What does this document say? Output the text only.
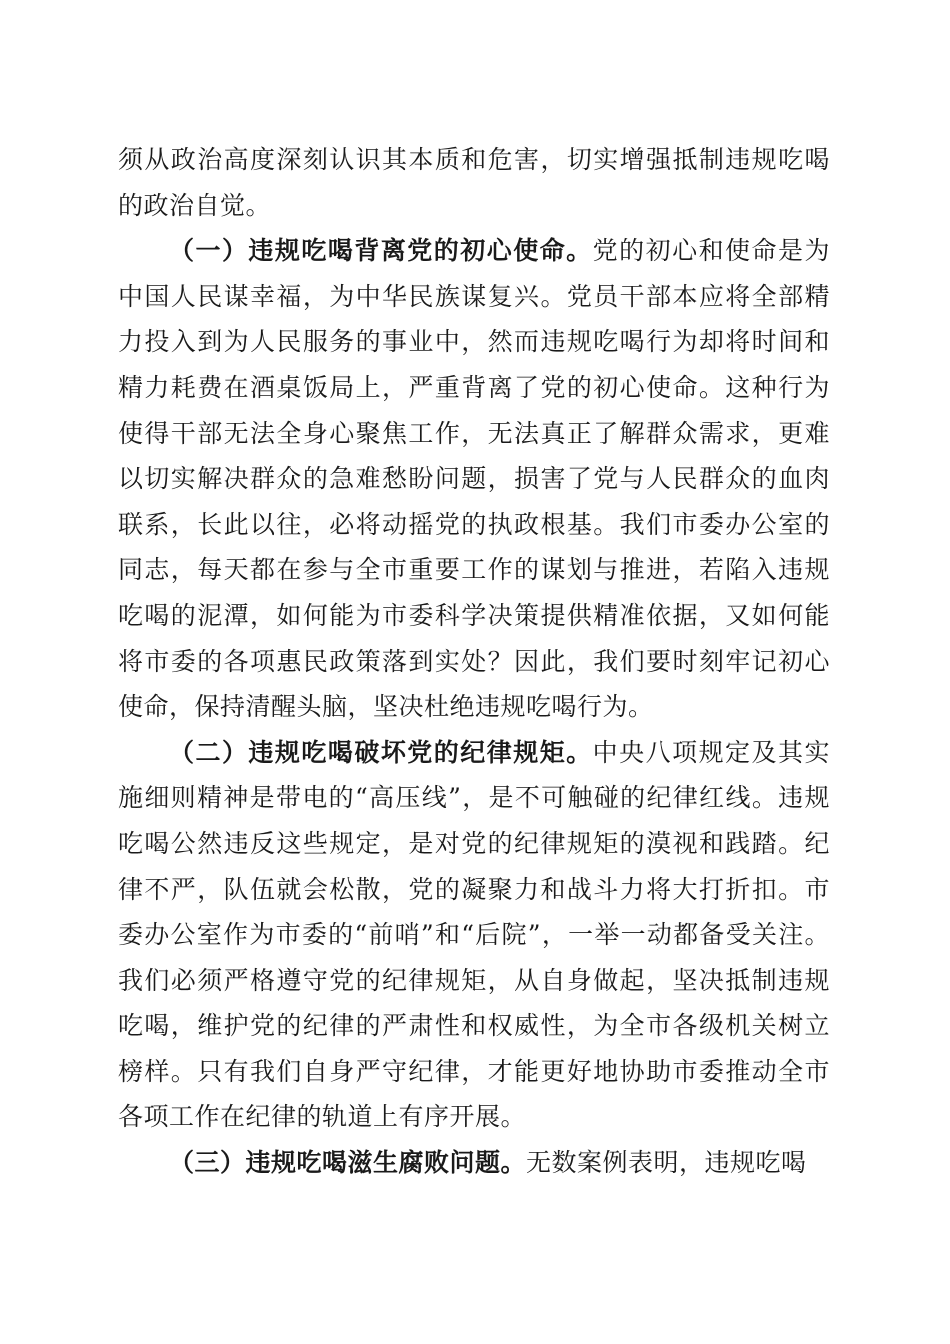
须从政治高度深刻认识其本质和危害，切实增强抵制违规吃喝的政治自觉。

（一）违规吃喝背离党的初心使命。党的初心和使命是为中国人民谋幸福，为中华民族谋复兴。党员干部本应将全部精力投入到为人民服务的事业中，然而违规吃喝行为却将时间和精力耗费在酒桌饭局上，严重背离了党的初心使命。这种行为使得干部无法全身心聚焦工作，无法真正了解群众需求，更难以切实解决群众的急难愁盼问题，损害了党与人民群众的血肉联系，长此以往，必将动摇党的执政根基。我们市委办公室的同志，每天都在参与全市重要工作的谋划与推进，若陷入违规吃喝的泥潭，如何能为市委科学决策提供精准依据，又如何能将市委的各项惠民政策落到实处？因此，我们要时刻牢记初心使命，保持清醒头脑，坚决杜绝违规吃喝行为。

（二）违规吃喝破坏党的纪律规矩。中央八项规定及其实施细则精神是带电的“高压线”，是不可触碰的纪律红线。违规吃喝公然违反这些规定，是对党的纪律规矩的漠视和践踏。纪律不严，队伍就会松散，党的凝聚力和战斗力将大打折扣。市委办公室作为市委的“前哨”和“后院”，一举一动都备受关注。我们必须严格遵守党的纪律规矩，从自身做起，坚决抵制违规吃喝，维护党的纪律的严肃性和权威性，为全市各级机关树立榜样。只有我们自身严守纪律，才能更好地协助市委推动全市各项工作在纪律的轨道上有序开展。

（三）违规吃喝滋生腐败问题。无数案例表明，违规吃喝
